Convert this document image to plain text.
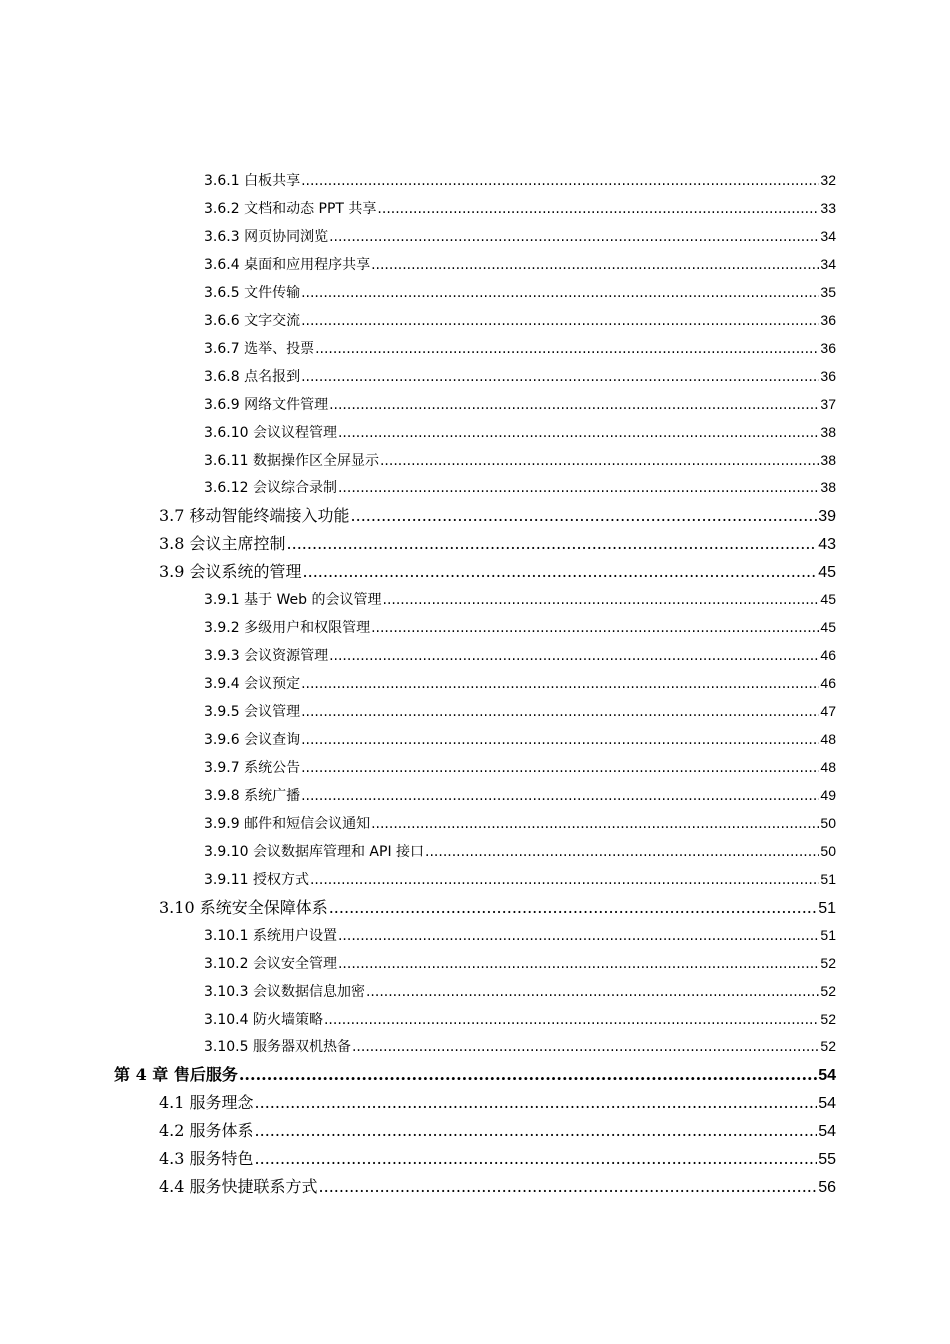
3.6.1 白板共享 .....	32
3.6.2 文档和动态 PPT 共享 .....	33
3.6.3 网页协同浏览 .....	34
3.6.4 桌面和应用程序共享 .....	34
3.6.5 文件传输 .....	35
3.6.6 文字交流 .....	36
3.6.7 选举、投票 .....	36
3.6.8 点名报到 .....	36
3.6.9 网络文件管理 .....	37
3.6.10 会议议程管理 .....	38
3.6.11 数据操作区全屏显示 .....	38
3.6.12 会议综合录制 .....	38
3.7 移动智能终端接入功能 .....	39
3.8 会议主席控制 .....	43
3.9 会议系统的管理 .....	45
3.9.1 基于 Web 的会议管理 .....	45
3.9.2 多级用户和权限管理 .....	45
3.9.3 会议资源管理 .....	46
3.9.4 会议预定 .....	46
3.9.5 会议管理 .....	47
3.9.6 会议查询 .....	48
3.9.7 系统公告 .....	48
3.9.8 系统广播 .....	49
3.9.9 邮件和短信会议通知 .....	50
3.9.10 会议数据库管理和 API 接口 .....	50
3.9.11 授权方式 .....	51
3.10 系统安全保障体系 .....	51
3.10.1 系统用户设置 .....	51
3.10.2 会议安全管理 .....	52
3.10.3 会议数据信息加密 .....	52
3.10.4 防火墙策略 .....	52
3.10.5 服务器双机热备 .....	52
第 4 章 售后服务 .....	54
4.1 服务理念 .....	54
4.2 服务体系 .....	54
4.3 服务特色 .....	55
4.4 服务快捷联系方式 .....	56
